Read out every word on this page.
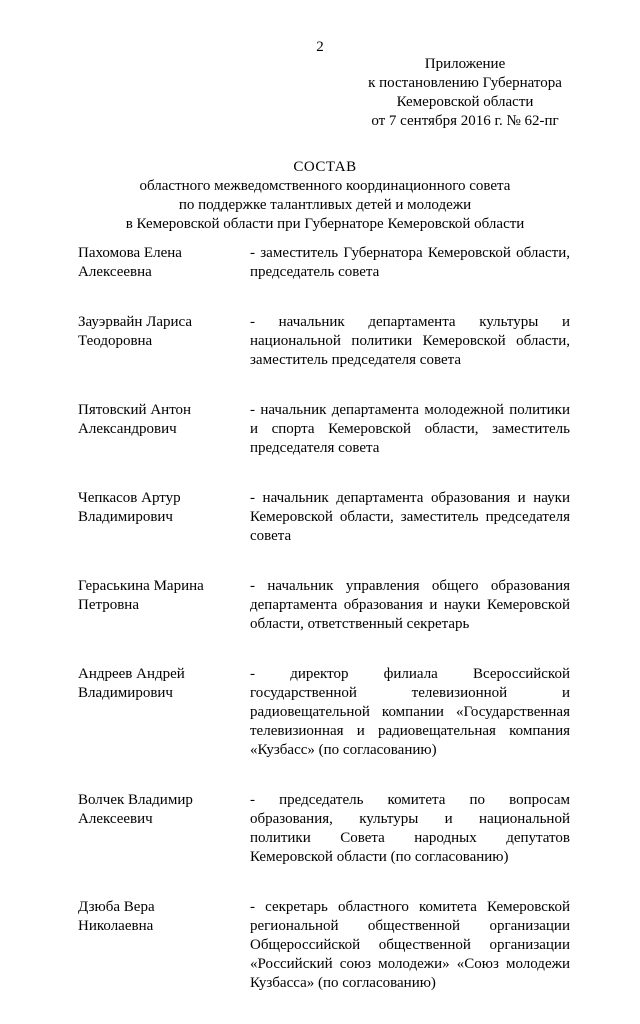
2
Приложение
к постановлению Губернатора
Кемеровской области
от 7 сентября 2016 г. № 62-пг
СОСТАВ
областного межведомственного координационного совета
по поддержке талантливых детей и молодежи
в Кемеровской области при Губернаторе Кемеровской области
Пахомова Елена
Алексеевна
- заместитель Губернатора Кемеровской области,
председатель совета
Зауэрвайн Лариса
Теодоровна
- начальник департамента культуры и
национальной политики Кемеровской области,
заместитель председателя совета
Пятовский Антон
Александрович
- начальник департамента молодежной политики
и спорта Кемеровской области, заместитель
председателя совета
Чепкасов Артур
Владимирович
- начальник департамента образования и науки
Кемеровской области, заместитель председателя
совета
Гераськина Марина
Петровна
- начальник управления общего образования
департамента образования и науки Кемеровской
области, ответственный секретарь
Андреев Андрей
Владимирович
- директор филиала Всероссийской
государственной телевизионной и
радиовещательной компании «Государственная
телевизионная и радиовещательная компания
«Кузбасс» (по согласованию)
Волчек Владимир
Алексеевич
- председатель комитета по вопросам
образования, культуры и национальной
политики Совета народных депутатов
Кемеровской области (по согласованию)
Дзюба Вера
Николаевна
- секретарь областного комитета Кемеровской
региональной общественной организации
Общероссийской общественной организации
«Российский союз молодежи» «Союз молодежи
Кузбасса» (по согласованию)
